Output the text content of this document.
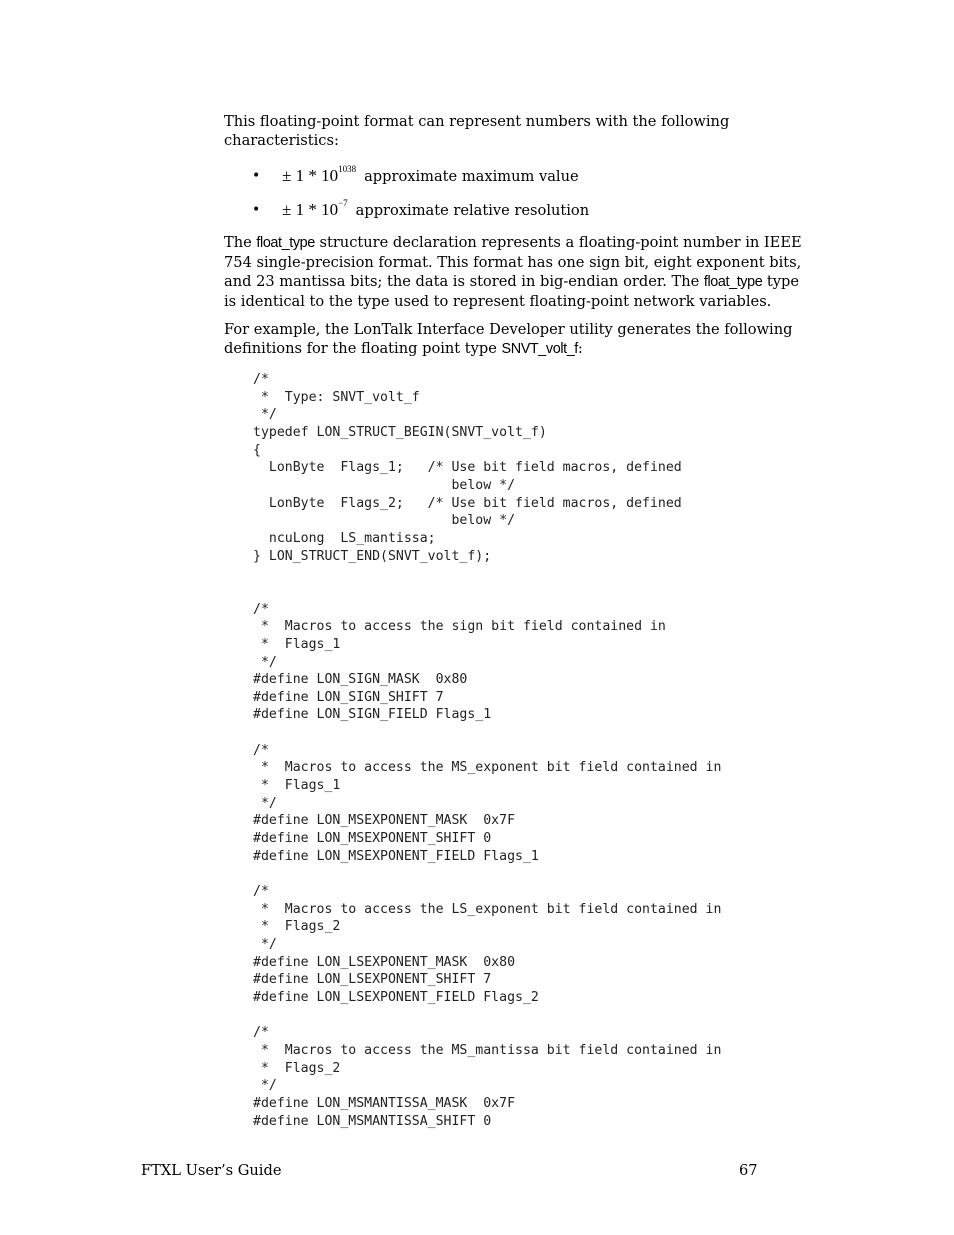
This floating-point format can represent numbers with the following characteristics:

• ± $1 * 10^{1038}$ approximate maximum value
• ± $1 * 10^{-7}$ approximate relative resolution

The float_type structure declaration represents a floating-point number in IEEE 754 single-precision format. This format has one sign bit, eight exponent bits, and 23 mantissa bits; the data is stored in big-endian order. The float_type type is identical to the type used to represent floating-point network variables.

For example, the LonTalk Interface Developer utility generates the following definitions for the floating point type SNVT_volt_f:

/*
*  Type: SNVT_volt_f
*/
typedef LON_STRUCT_BEGIN(SNVT_volt_f)
{
LonByte  Flags_1;   /* Use bit field macros, defined
below */
LonByte  Flags_2;   /* Use bit field macros, defined
below */
ncuLong  LS_mantissa;
} LON_STRUCT_END(SNVT_volt_f);

/*
*  Macros to access the sign bit field contained in
*  Flags_1
*/
#define LON_SIGN_MASK  0x80
#define LON_SIGN_SHIFT 7
#define LON_SIGN_FIELD Flags_1

/*
*  Macros to access the MS_exponent bit field contained in
*  Flags_1
*/
#define LON_MSEXPONENT_MASK  0x7F
#define LON_MSEXPONENT_SHIFT 0
#define LON_MSEXPONENT_FIELD Flags_1

/*
*  Macros to access the LS_exponent bit field contained in
*  Flags_2
*/
#define LON_LSEXPONENT_MASK  0x80
#define LON_LSEXPONENT_SHIFT 7
#define LON_LSEXPONENT_FIELD Flags_2

/*
*  Macros to access the MS_mantissa bit field contained in
*  Flags_2
*/
#define LON_MSMANTISSA_MASK  0x7F
#define LON_MSMANTISSA_SHIFT 0
FTXL User’s Guide	67
